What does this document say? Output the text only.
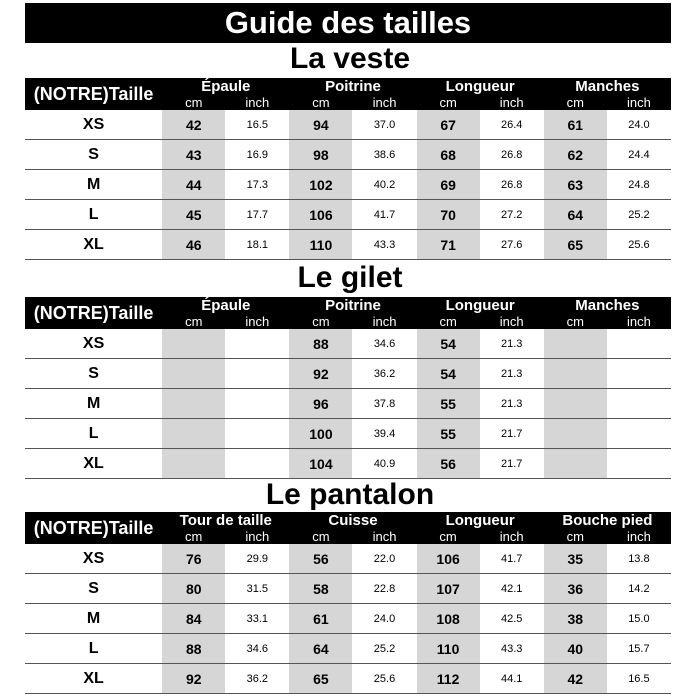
Guide des tailles
La veste
(NOTRE)Taille	Épaule		Poitrine		Longueur		Manches	
	cm	inch	cm	inch	cm	inch	cm	inch
XS	42	16.5	94	37.0	67	26.4	61	24.0
S	43	16.9	98	38.6	68	26.8	62	24.4
M	44	17.3	102	40.2	69	26.8	63	24.8
L	45	17.7	106	41.7	70	27.2	64	25.2
XL	46	18.1	110	43.3	71	27.6	65	25.6
Le gilet
(NOTRE)Taille	Épaule		Poitrine		Longueur		Manches	
	cm	inch	cm	inch	cm	inch	cm	inch
XS			88	34.6	54	21.3		
S			92	36.2	54	21.3		
M			96	37.8	55	21.3		
L			100	39.4	55	21.7		
XL			104	40.9	56	21.7		
Le pantalon
(NOTRE)Taille	Tour de taille		Cuisse		Longueur		Bouche pied	
	cm	inch	cm	inch	cm	inch	cm	inch
XS	76	29.9	56	22.0	106	41.7	35	13.8
S	80	31.5	58	22.8	107	42.1	36	14.2
M	84	33.1	61	24.0	108	42.5	38	15.0
L	88	34.6	64	25.2	110	43.3	40	15.7
XL	92	36.2	65	25.6	112	44.1	42	16.5
